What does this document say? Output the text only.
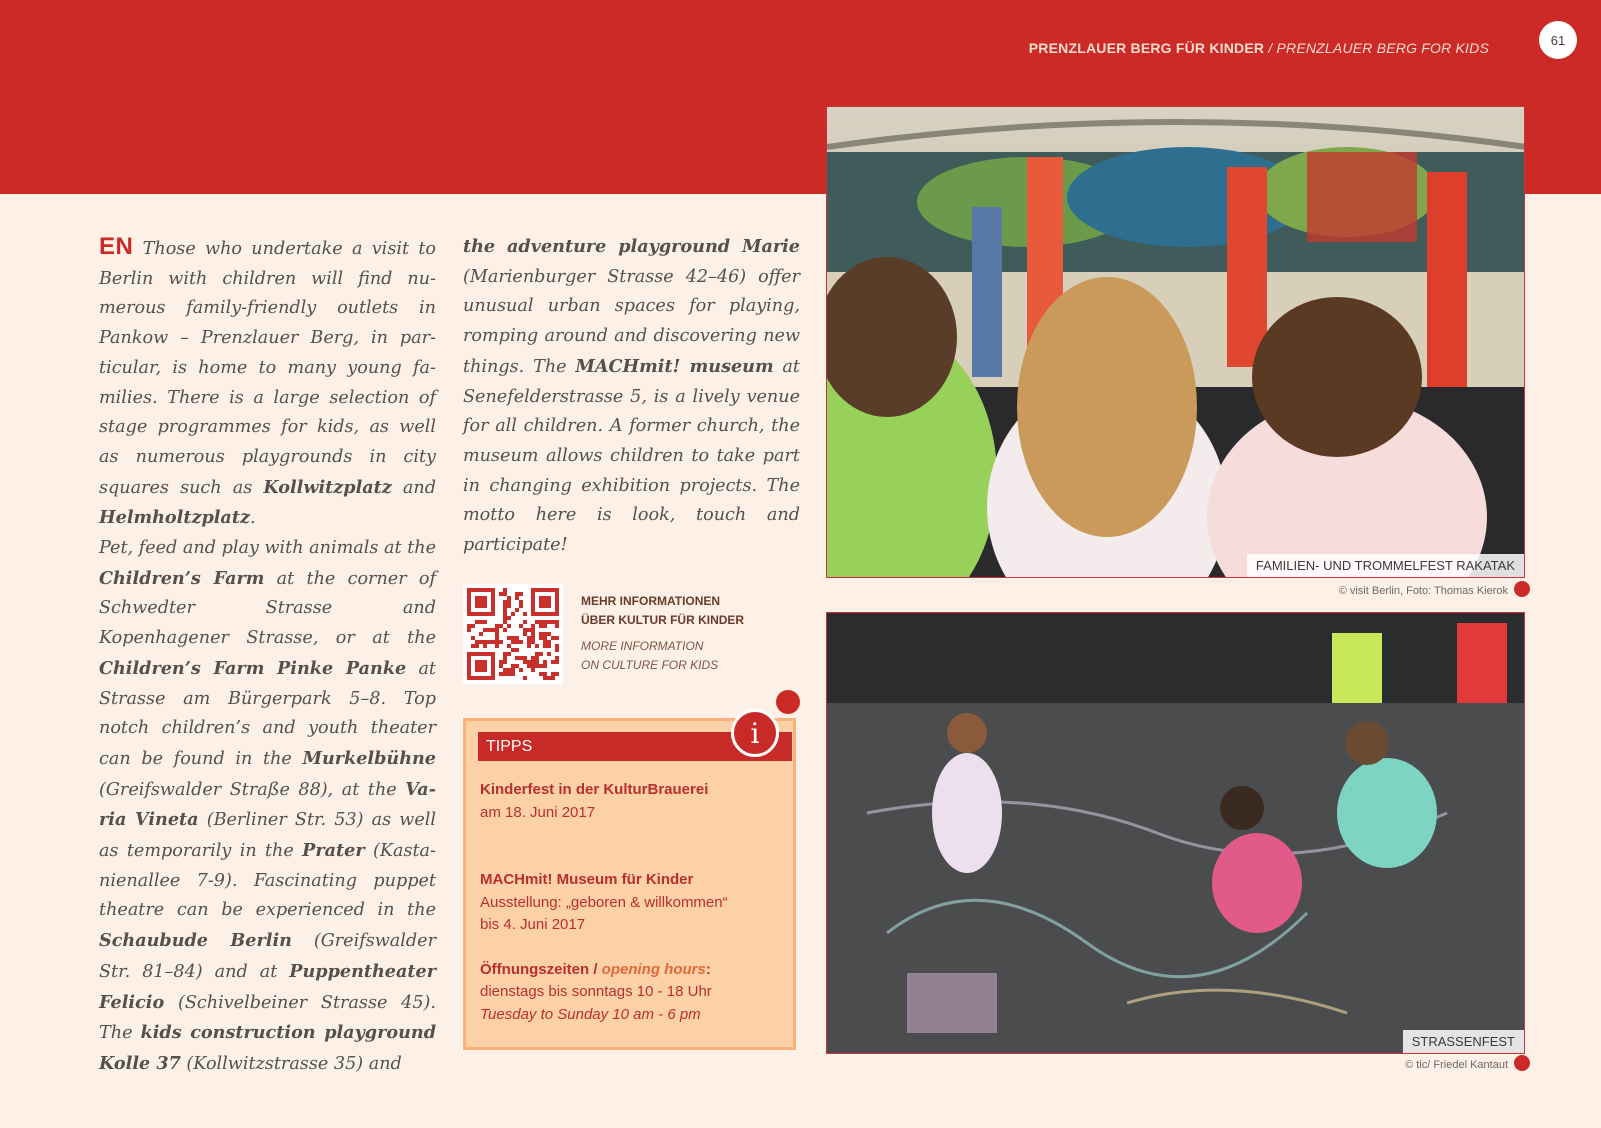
PRENZLAUER BERG FÜR KINDER / PRENZLAUER BERG FOR KIDS	61
EN Those who undertake a visit to Berlin with children will find numerous family-friendly outlets in Pankow – Prenzlauer Berg, in particular, is home to many young families. There is a large selection of stage programmes for kids, as well as numerous playgrounds in city squares such as Kollwitzplatz and Helmholtzplatz.
Pet, feed and play with animals at the Children’s Farm at the corner of Schwedter Strasse and Kopenhagener Strasse, or at the Children’s Farm Pinke Panke at Strasse am Bürgerpark 5–8. Top notch children’s and youth theater can be found in the Murkelbühne (Greifswalder Straße 88), at the Varia Vineta (Berliner Str. 53) as well as temporarily in the Prater (Kastanienallee 7-9). Fascinating puppet theatre can be experienced in the Schaubude Berlin (Greifswalder Str. 81–84) and at Puppentheater Felicio (Schivelbeiner Strasse 45). The kids construction playground Kolle 37 (Kollwitzstrasse 35) and
the adventure playground Marie (Marienburger Strasse 42–46) offer unusual urban spaces for playing, romping around and discovering new things. The MACHmit! museum at Senefelderstrasse 5, is a lively venue for all children. A former church, the museum allows children to take part in changing exhibition projects. The motto here is look, touch and participate!
MEHR INFORMATIONEN
ÜBER KULTUR FÜR KINDER
MORE INFORMATION
ON CULTURE FOR KIDS
TIPPS	i
Kinderfest in der KulturBrauerei
am 18. Juni 2017
MACHmit! Museum für Kinder
Ausstellung: „geboren & willkommen“
bis 4. Juni 2017
Öffnungszeiten / opening hours:
dienstags bis sonntags 10 - 18 Uhr
Tuesday to Sunday 10 am - 6 pm
FAMILIEN- UND TROMMELFEST RAKATAK
© visit Berlin, Foto: Thomas Kierok
STRASSENFEST
© tic/ Friedel Kantaut
